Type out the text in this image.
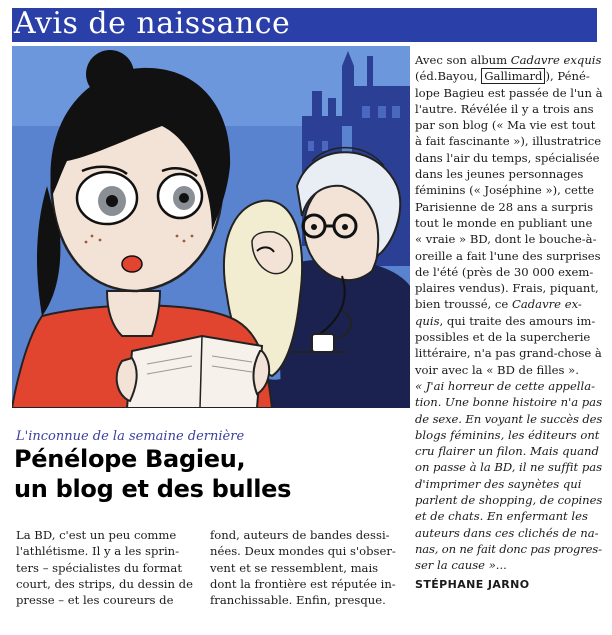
Avis de naissance
L'inconnue de la semaine dernière
Pénélope Bagieu,
un blog et des bulles
La BD, c'est un peu comme
l'athlétisme. Il y a les sprin-
ters – spécialistes du format
court, des strips, du dessin de
presse – et les coureurs de
fond, auteurs de bandes dessi-
nées. Deux mondes qui s'obser-
vent et se ressemblent, mais
dont la frontière est réputée in-
franchissable. Enfin, presque.
Avec son album Cadavre exquis
(éd.Bayou, Gallimard ), Péné-
lope Bagieu est passée de l'un à
l'autre. Révélée il y a trois ans
par son blog (« Ma vie est tout
à fait fascinante »), illustratrice
dans l'air du temps, spécialisée
dans les jeunes personnages
féminins (« Joséphine »), cette
Parisienne de 28 ans a surpris
tout le monde en publiant une
« vraie » BD, dont le bouche-à-
oreille a fait l'une des surprises
de l'été (près de 30 000 exem-
plaires vendus). Frais, piquant,
bien troussé, ce Cadavre ex-
quis, qui traite des amours im-
possibles et de la supercherie
littéraire, n'a pas grand-chose à
voir avec la « BD de filles ».
« J'ai horreur de cette appella-
tion. Une bonne histoire n'a pas
de sexe. En voyant le succès des
blogs féminins, les éditeurs ont
cru flairer un filon. Mais quand
on passe à la BD, il ne suffit pas
d'imprimer des saynètes qui
parlent de shopping, de copines
et de chats. En enfermant les
auteurs dans ces clichés de na-
nas, on ne fait donc pas progres-
ser la cause »...
STÉPHANE JARNO
